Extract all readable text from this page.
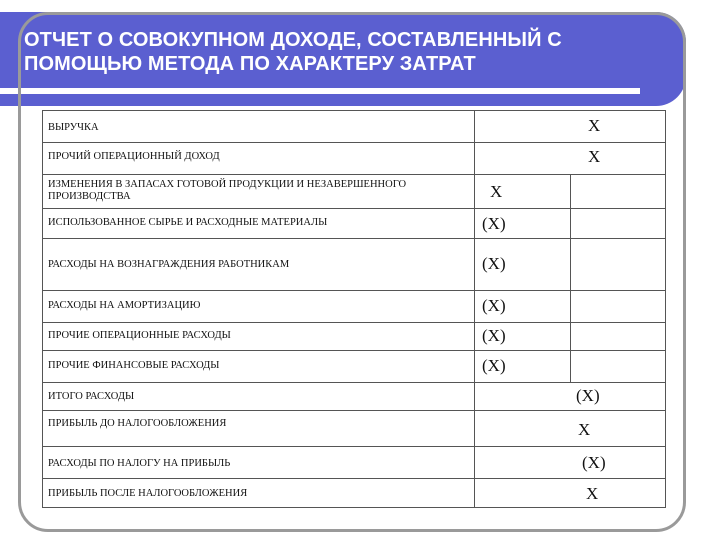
ОТЧЕТ О СОВОКУПНОМ ДОХОДЕ, СОСТАВЛЕННЫЙ С ПОМОЩЬЮ МЕТОДА ПО ХАРАКТЕРУ ЗАТРАТ
ВЫРУЧКА
ПРОЧИЙ ОПЕРАЦИОННЫЙ ДОХОД
ИЗМЕНЕНИЯ В ЗАПАСАХ ГОТОВОЙ ПРОДУКЦИИ И НЕЗАВЕРШЕННОГО ПРОИЗВОДСТВА
ИСПОЛЬЗОВАННОЕ СЫРЬЕ И РАСХОДНЫЕ МАТЕРИАЛЫ
РАСХОДЫ НА ВОЗНАГРАЖДЕНИЯ РАБОТНИКАМ
РАСХОДЫ НА АМОРТИЗАЦИЮ
ПРОЧИЕ ОПЕРАЦИОННЫЕ РАСХОДЫ
ПРОЧИЕ ФИНАНСОВЫЕ РАСХОДЫ
ИТОГО РАСХОДЫ
ПРИБЫЛЬ ДО НАЛОГООБЛОЖЕНИЯ
РАСХОДЫ ПО НАЛОГУ НА ПРИБЫЛЬ
ПРИБЫЛЬ ПОСЛЕ НАЛОГООБЛОЖЕНИЯ
X
(X)
(X)
(X)
(X)
(X)
X
X
(X)
X
(X)
X
